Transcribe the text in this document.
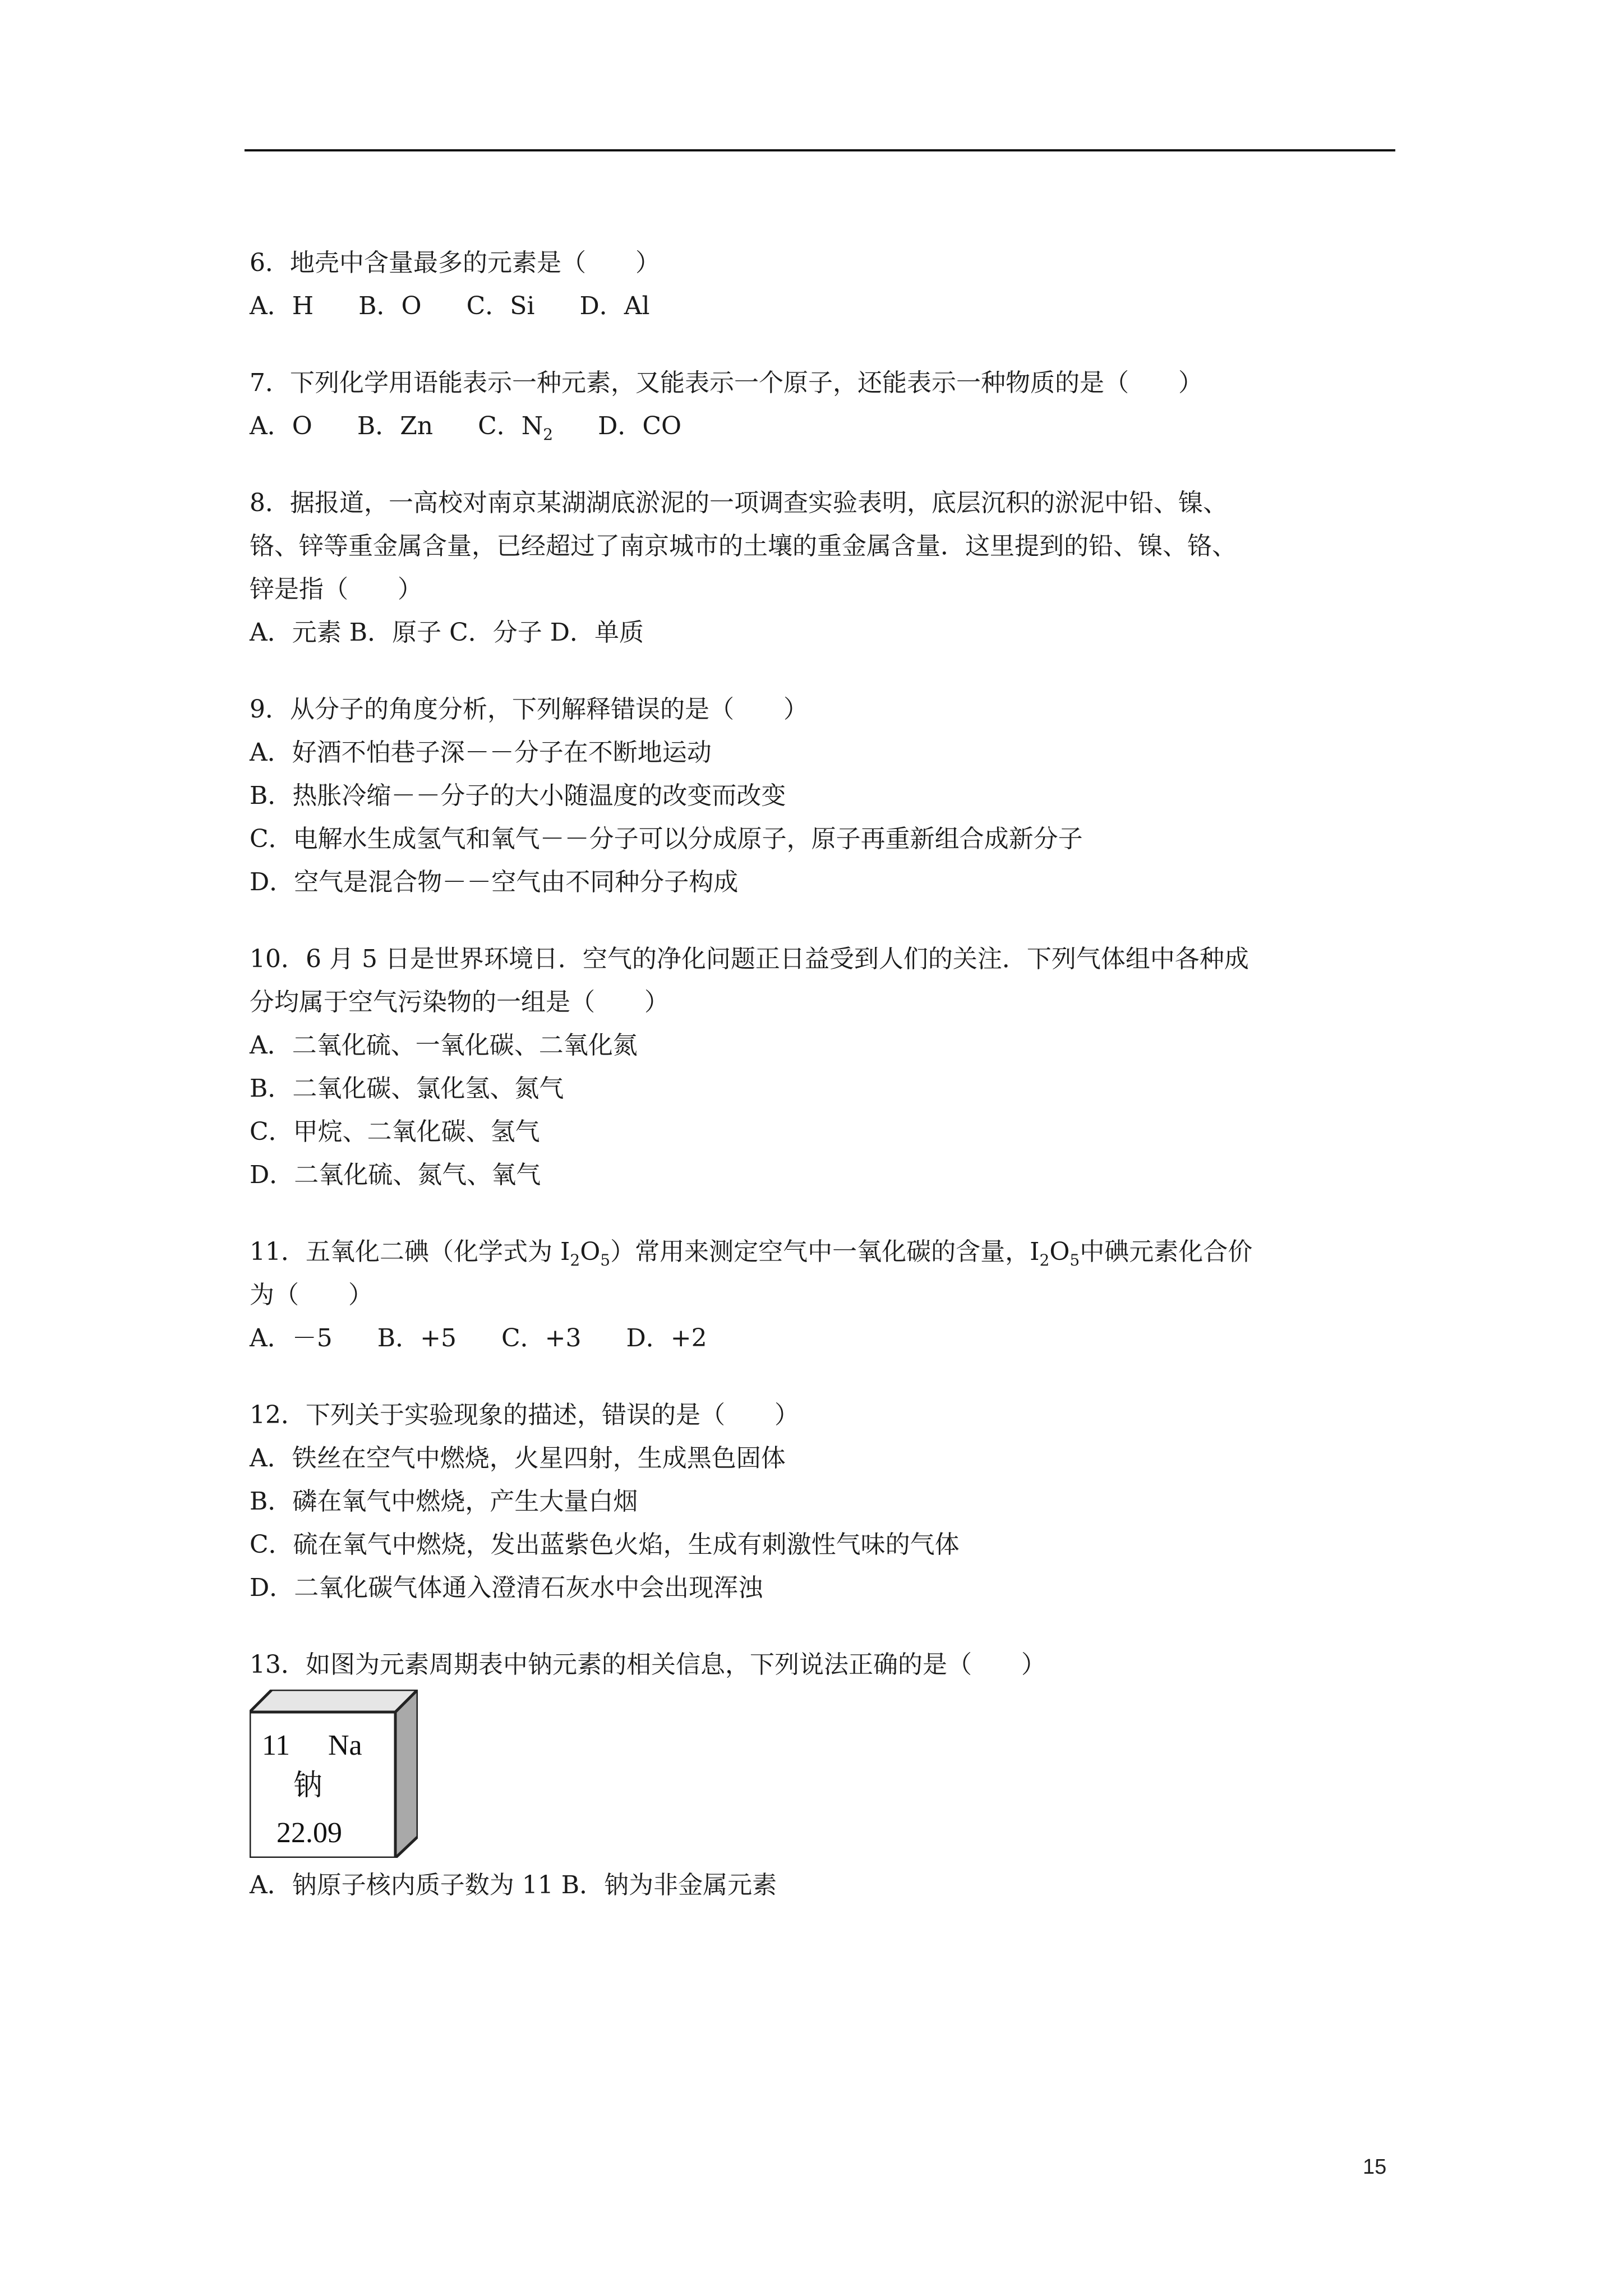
6．地壳中含量最多的元素是（　　）
A．H B．O C．Si D．Al
7．下列化学用语能表示一种元素，又能表示一个原子，还能表示一种物质的是（　　）
A．O B．Zn C．$N_2$ D．CO
8．据报道，一高校对南京某湖湖底淤泥的一项调查实验表明，底层沉积的淤泥中铅、镍、
铬、锌等重金属含量，已经超过了南京城市的土壤的重金属含量．这里提到的铅、镍、铬、
锌是指（　　）
A．元素 B．原子 C．分子 D．单质
9．从分子的角度分析，下列解释错误的是（　　）
A．好酒不怕巷子深－－分子在不断地运动
B．热胀冷缩－－分子的大小随温度的改变而改变
C．电解水生成氢气和氧气－－分子可以分成原子，原子再重新组合成新分子
D．空气是混合物－－空气由不同种分子构成
10．6 月 5 日是世界环境日．空气的净化问题正日益受到人们的关注．下列气体组中各种成
分均属于空气污染物的一组是（　　）
A．二氧化硫、一氧化碳、二氧化氮
B．二氧化碳、氯化氢、氮气
C．甲烷、二氧化碳、氢气
D．二氧化硫、氮气、氧气
11．五氧化二碘（化学式为 $I_2O_5$）常用来测定空气中一氧化碳的含量，$I_2O_5$中碘元素化合价
为（　　）
A．－5 B．+5 C．+3 D．+2
12．下列关于实验现象的描述，错误的是（　　）
A．铁丝在空气中燃烧，火星四射，生成黑色固体
B．磷在氧气中燃烧，产生大量白烟
C．硫在氧气中燃烧，发出蓝紫色火焰，生成有刺激性气味的气体
D．二氧化碳气体通入澄清石灰水中会出现浑浊
13．如图为元素周期表中钠元素的相关信息，下列说法正确的是（　　）
11 Na
钠
22.09
A．钠原子核内质子数为 11 B．钠为非金属元素
15
